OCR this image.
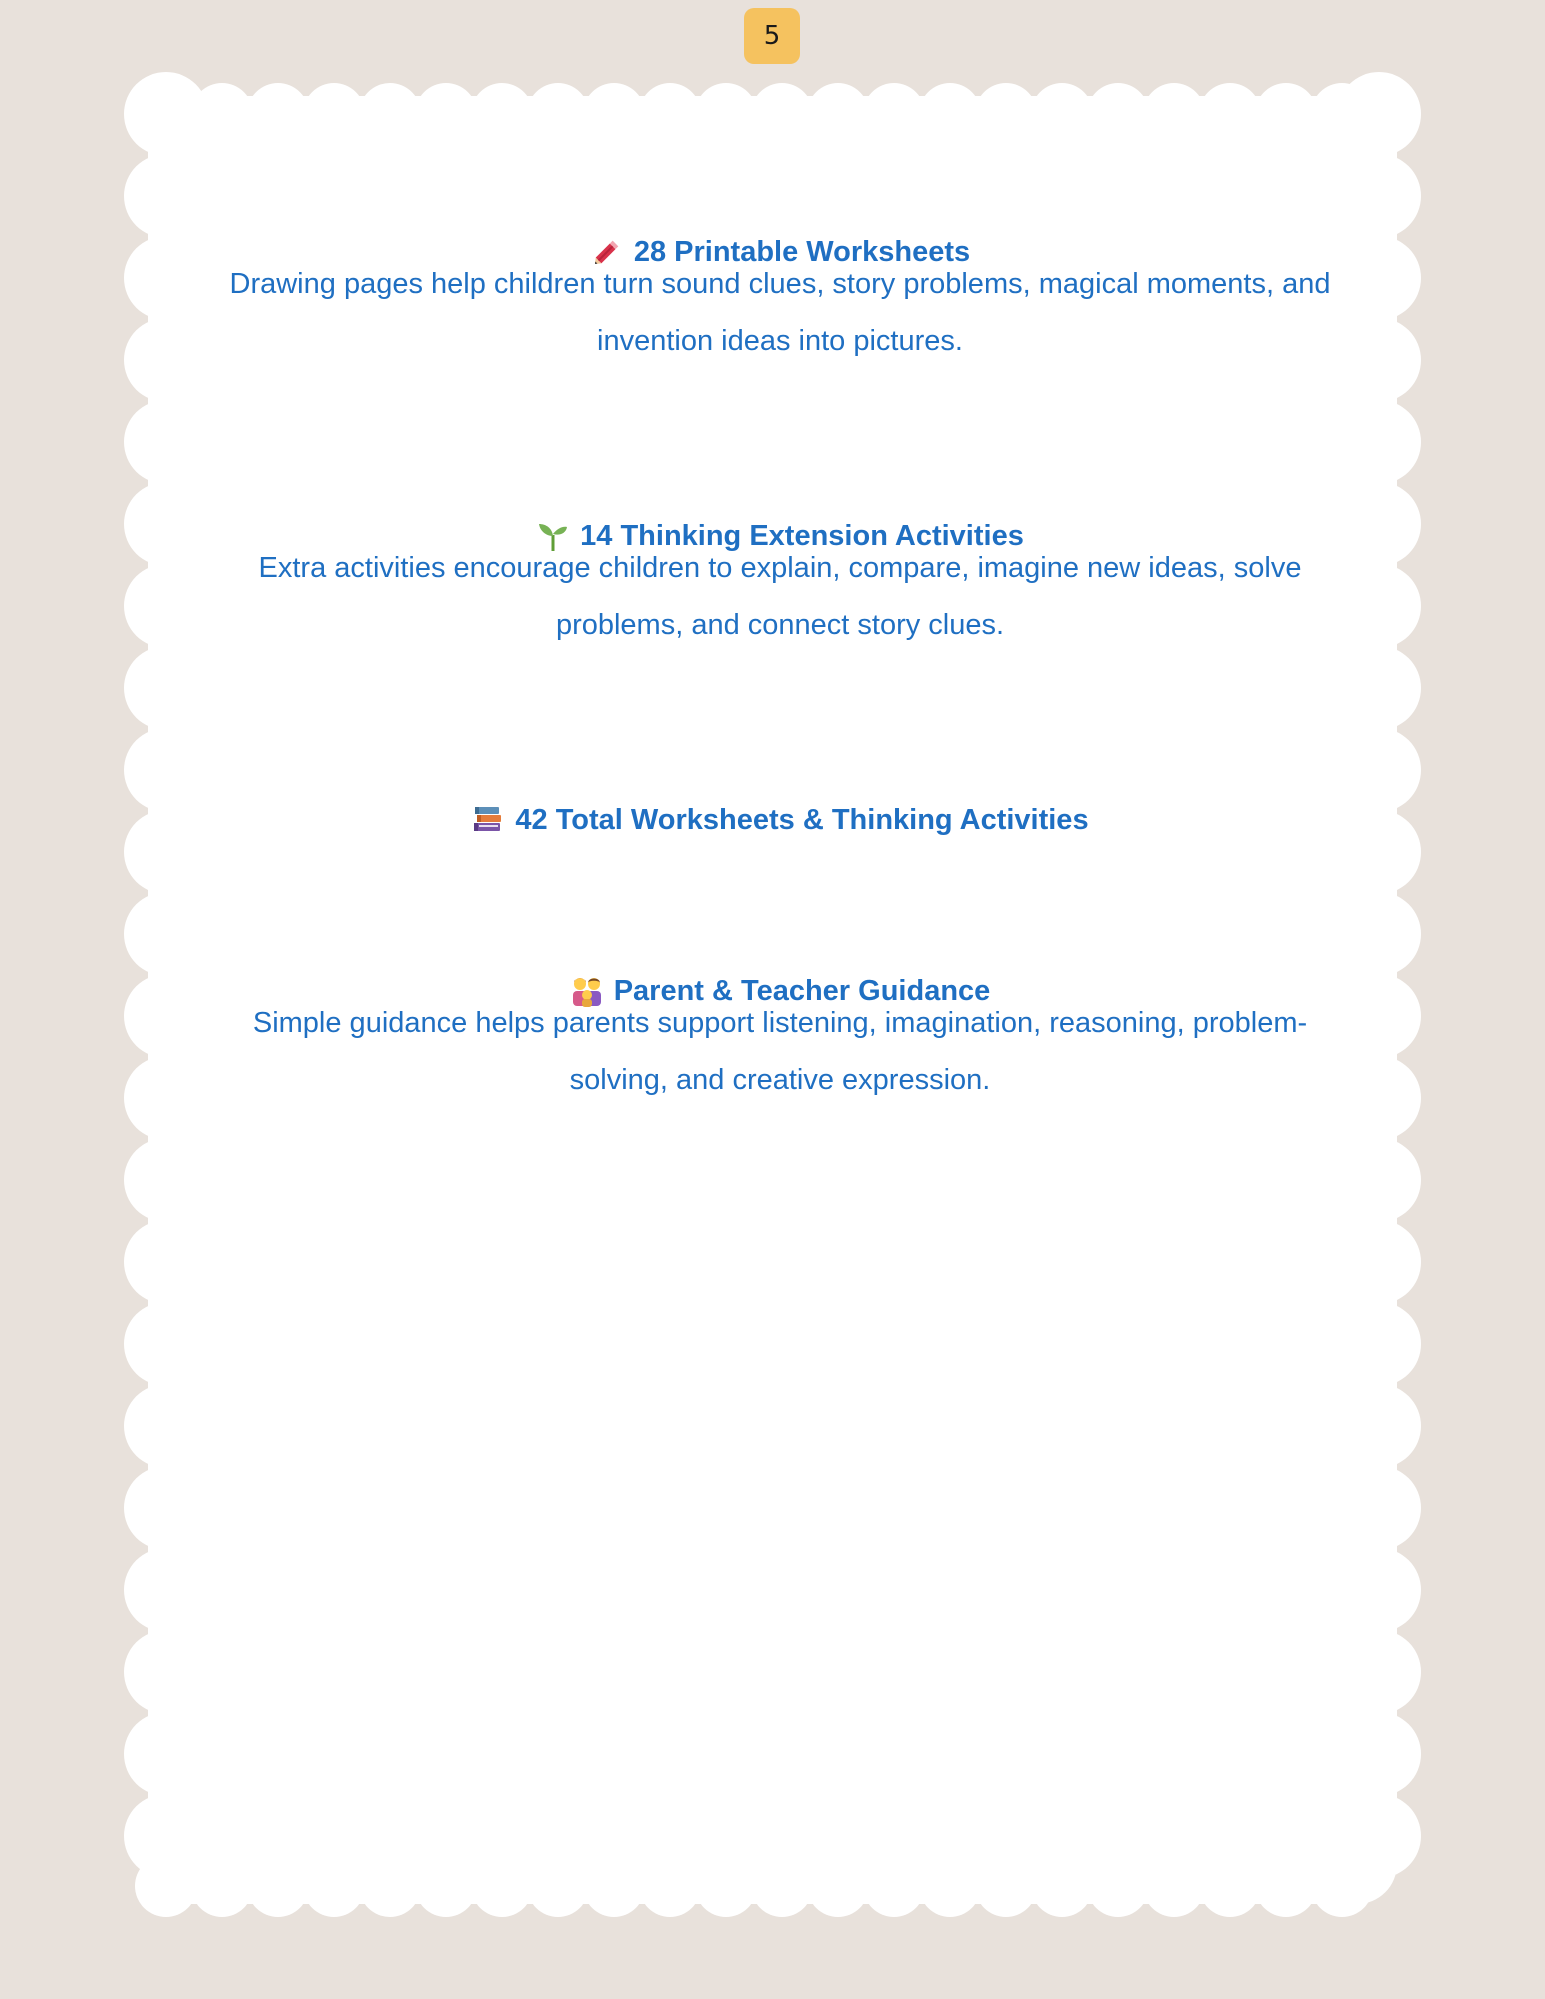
5
28 Printable Worksheets

Drawing pages help children turn sound clues, story problems, magical moments, and invention ideas into pictures.

14 Thinking Extension Activities

Extra activities encourage children to explain, compare, imagine new ideas, solve problems, and connect story clues.

42 Total Worksheets & Thinking Activities
Parent & Teacher Guidance

Simple guidance helps parents support listening, imagination, reasoning, problem-solving, and creative expression.
